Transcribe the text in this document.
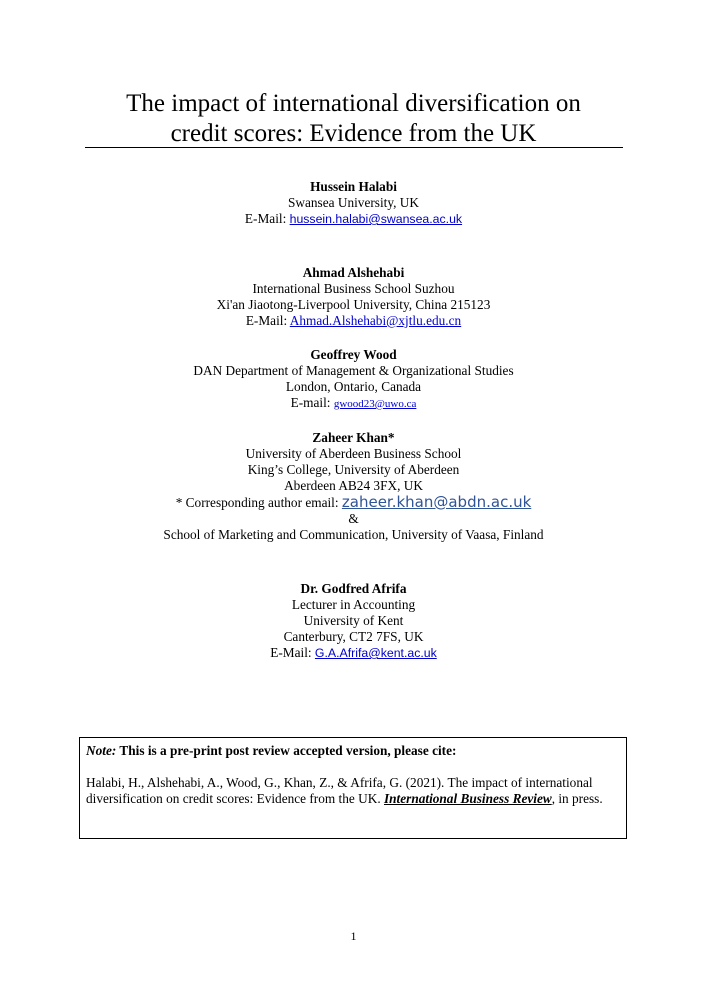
The impact of international diversification on
credit scores: Evidence from the UK
Hussein Halabi
Swansea University, UK
E-Mail: hussein.halabi@swansea.ac.uk
Ahmad Alshehabi
International Business School Suzhou
Xi'an Jiaotong-Liverpool University, China 215123
E-Mail: Ahmad.Alshehabi@xjtlu.edu.cn
Geoffrey Wood
DAN Department of Management & Organizational Studies
London, Ontario, Canada
E-mail: gwood23@uwo.ca
Zaheer Khan*
University of Aberdeen Business School
King’s College, University of Aberdeen
Aberdeen AB24 3FX, UK
* Corresponding author email: zaheer.khan@abdn.ac.uk
&
School of Marketing and Communication, University of Vaasa, Finland
Dr. Godfred Afrifa
Lecturer in Accounting
University of Kent
Canterbury, CT2 7FS, UK
E-Mail: G.A.Afrifa@kent.ac.uk
Note: This is a pre-print post review accepted version, please cite:
Halabi, H., Alshehabi, A., Wood, G., Khan, Z., & Afrifa, G. (2021). The impact of international diversification on credit scores: Evidence from the UK. International Business Review, in press.
1
